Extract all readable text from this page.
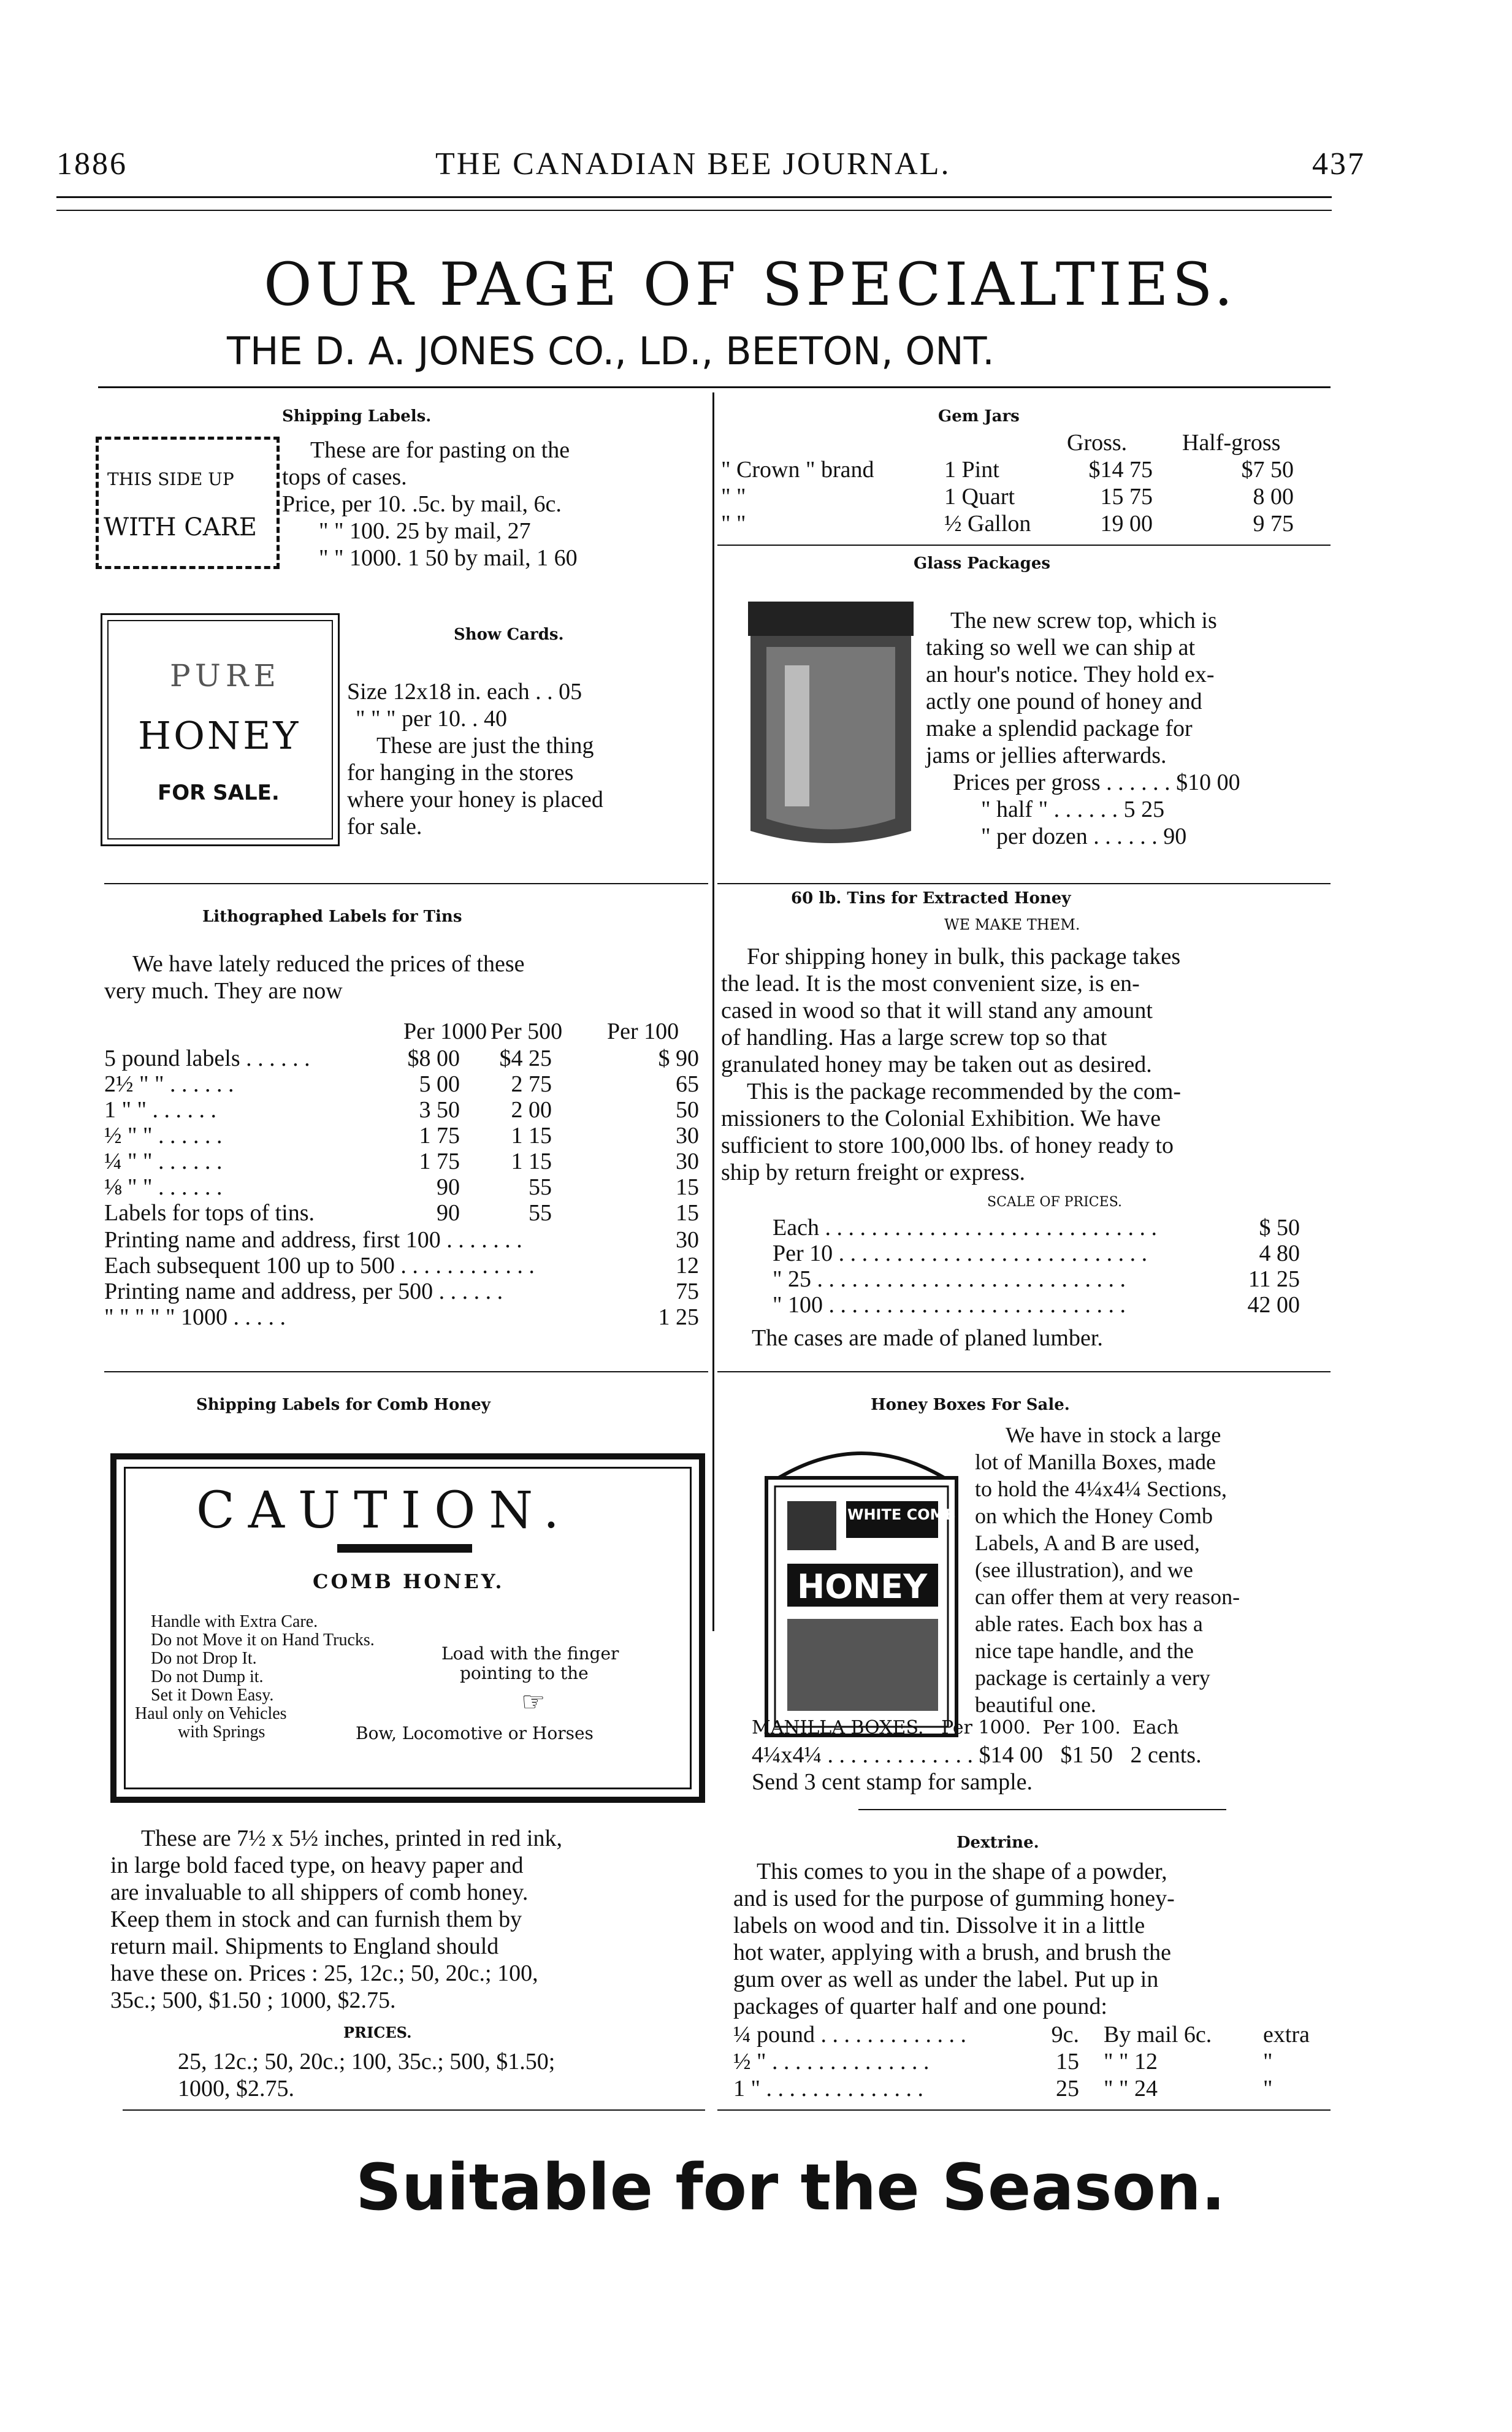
1886	THE CANADIAN BEE JOURNAL.	437
OUR PAGE OF SPECIALTIES.
THE D. A. JONES CO., LD., BEETON, ONT.
Shipping Labels.
THIS SIDE UP
WITH CARE
These are for pasting on the
tops of cases.
Price, per 10. .5c. by mail, 6c.
" " 100. 25 by mail, 27
" " 1000. 1 50 by mail, 1 60
Gem Jars
Gross. Half-gross
" Crown " brand	1 Pint	$14 75	$7 50
" "	1 Quart	15 75	8 00
" "	½ Gallon	19 00	9 75
PURE
HONEY
FOR SALE.
Show Cards.
Size 12x18 in. each . . 05
" " " per 10. . 40
These are just the thing
for hanging in the stores
where your honey is placed
for sale.
Glass Packages
The new screw top, which is
taking so well we can ship at
an hour's notice. They hold ex-
actly one pound of honey and
make a splendid package for
jams or jellies afterwards.
Prices per gross . . . . . . $10 00
" half " . . . . . . 5 25
" per dozen . . . . . . 90
Lithographed Labels for Tins
We have lately reduced the prices of these
very much. They are now
Per 1000 Per 500 Per 100
5 pound labels . . . . . .	$8 00	$4 25	$ 90
2½ " " . . . . . .	5 00	2 75	65
1 " " . . . . . .	3 50	2 00	50
½ " " . . . . . .	1 75	1 15	30
¼ " " . . . . . .	1 75	1 15	30
⅛ " " . . . . . .	90	55	15
Labels for tops of tins.	90	55	15
Printing name and address, first 100 . . . . . . .	30
Each subsequent 100 up to 500 . . . . . . . . . . . .	12
Printing name and address, per 500 . . . . . .	75
" " " " " 1000 . . . . .	1 25
60 lb. Tins for Extracted Honey
WE MAKE THEM.
For shipping honey in bulk, this package takes
the lead. It is the most convenient size, is en-
cased in wood so that it will stand any amount
of handling. Has a large screw top so that
granulated honey may be taken out as desired.
This is the package recommended by the com-
missioners to the Colonial Exhibition. We have
sufficient to store 100,000 lbs. of honey ready to
ship by return freight or express.
SCALE OF PRICES.
Each . . . . . . . . . . . . . . . . . . . . . . . . . . . . .	$ 50
Per 10 . . . . . . . . . . . . . . . . . . . . . . . . . . .	4 80
" 25 . . . . . . . . . . . . . . . . . . . . . . . . . . .	11 25
" 100 . . . . . . . . . . . . . . . . . . . . . . . . . .	42 00
The cases are made of planed lumber.
Shipping Labels for Comb Honey
CAUTION.
COMB HONEY.
Handle with Extra Care.
Do not Move it on Hand Trucks.
Do not Drop It.
Do not Dump it.
Set it Down Easy.
Haul only on Vehicles
with Springs
Load with the finger
pointing to the
☞
Bow, Locomotive or Horses
These are 7½ x 5½ inches, printed in red ink,
in large bold faced type, on heavy paper and
are invaluable to all shippers of comb honey.
Keep them in stock and can furnish them by
return mail. Shipments to England should
have these on. Prices : 25, 12c.; 50, 20c.; 100,
35c.; 500, $1.50 ; 1000, $2.75.
PRICES.
25, 12c.; 50, 20c.; 100, 35c.; 500, $1.50;
1000, $2.75.
Honey Boxes For Sale.
WHITE COMB
HONEY
We have in stock a large
lot of Manilla Boxes, made
to hold the 4¼x4¼ Sections,
on which the Honey Comb
Labels, A and B are used,
(see illustration), and we
can offer them at very reason-
able rates. Each box has a
nice tape handle, and the
package is certainly a very
beautiful one.
MANILLA BOXES.   Per 1000.  Per 100.  Each
4¼x4¼ . . . . . . . . . . . . . $14 00   $1 50   2 cents.
Send 3 cent stamp for sample.
Dextrine.
This comes to you in the shape of a powder,
and is used for the purpose of gumming honey-
labels on wood and tin. Dissolve it in a little
hot water, applying with a brush, and brush the
gum over as well as under the label. Put up in
packages of quarter half and one pound:
¼ pound . . . . . . . . . . . . .	9c. By mail 6c. extra
½ " . . . . . . . . . . . . . .	15 " " 12	"
1 " . . . . . . . . . . . . . .	25 " " 24	"
Suitable for the Season.
